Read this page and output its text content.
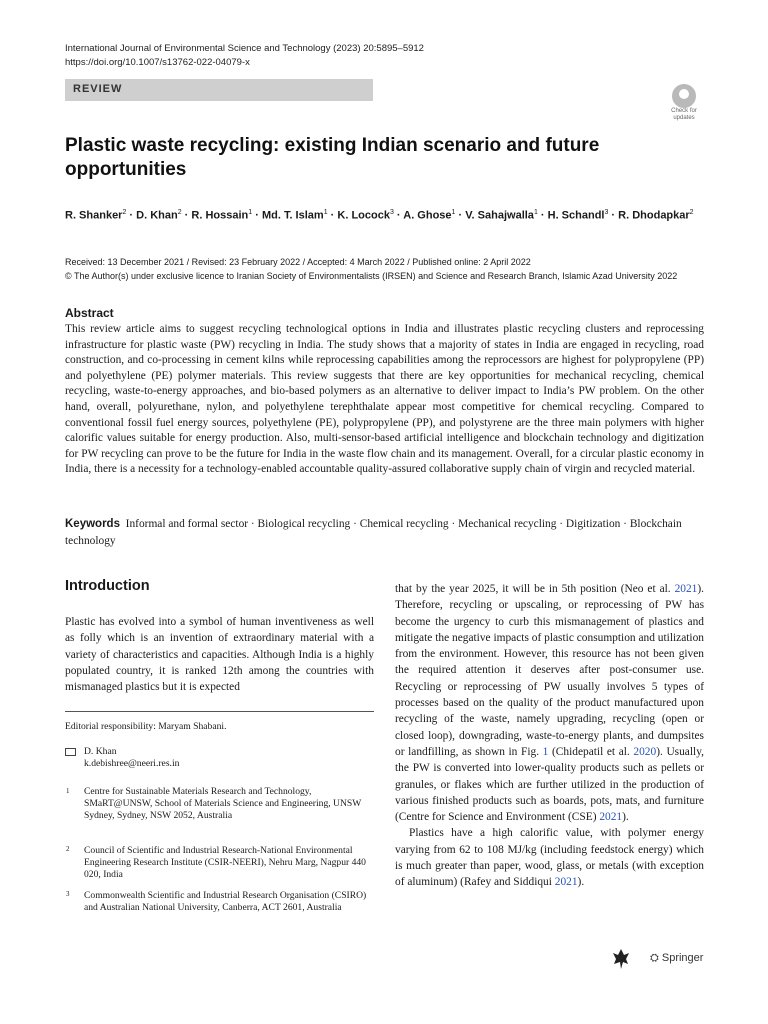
International Journal of Environmental Science and Technology (2023) 20:5895–5912
https://doi.org/10.1007/s13762-022-04079-x
REVIEW
Check for
updates
Plastic waste recycling: existing Indian scenario and future opportunities
R. Shanker$^2$ · D. Khan$^2$ · R. Hossain$^1$ · Md. T. Islam$^1$ · K. Locock$^3$ · A. Ghose$^1$ · V. Sahajwalla$^1$ · H. Schandl$^3$ · R. Dhodapkar$^2$
Received: 13 December 2021 / Revised: 23 February 2022 / Accepted: 4 March 2022 / Published online: 2 April 2022
© The Author(s) under exclusive licence to Iranian Society of Environmentalists (IRSEN) and Science and Research Branch, Islamic Azad University 2022
Abstract
This review article aims to suggest recycling technological options in India and illustrates plastic recycling clusters and reprocessing infrastructure for plastic waste (PW) recycling in India. The study shows that a majority of states in India are engaged in recycling, road construction, and co-processing in cement kilns while reprocessing capabilities among the reprocessors are highest for polypropylene (PP) and polyethylene (PE) polymer materials. This review suggests that there are key opportunities for mechanical recycling, chemical recycling, waste-to-energy approaches, and bio-based polymers as an alternative to deliver impact to India’s PW problem. On the other hand, overall, polyurethane, nylon, and polyethylene terephthalate appear most competitive for chemical recycling. Compared to conventional fossil fuel energy sources, polyethylene (PE), polypropylene (PP), and polystyrene are the three main polymers with higher calorific values suitable for energy production. Also, multi-sensor-based artificial intelligence and blockchain technology and digitization for PW recycling can prove to be the future for India in the waste flow chain and its management. Overall, for a circular plastic economy in India, there is a necessity for a technology-enabled accountable quality-assured collaborative supply chain of virgin and recycled material.
Keywords Informal and formal sector · Biological recycling · Chemical recycling · Mechanical recycling · Digitization · Blockchain technology
Introduction
Plastic has evolved into a symbol of human inventiveness as well as folly which is an invention of extraordinary material with a variety of characteristics and capacities. Although India is a highly populated country, it is ranked 12th among the countries with mismanaged plastics but it is expected

that by the year 2025, it will be in 5th position (Neo et al. 2021). Therefore, recycling or upscaling, or reprocessing of PW has become the urgency to curb this mismanagement of plastics and mitigate the negative impacts of plastic consumption and utilization from the environment. However, this resource has not been given the required attention it deserves after post-consumer use. Recycling or reprocessing of PW usually involves 5 types of processes based on the quality of the product manufactured upon recycling of the waste, namely upgrading, recycling (open or closed loop), downgrading, waste-to-energy plants, and dumpsites or landfilling, as shown in Fig. 1 (Chidepatil et al. 2020). Usually, the PW is converted into lower-quality products such as pellets or granules, or flakes which are further utilized in the production of various finished products such as boards, pots, mats, and furniture (Centre for Science and Environment (CSE) 2021).

Plastics have a high calorific value, with polymer energy varying from 62 to 108 MJ/kg (including feedstock energy) which is much greater than paper, wood, glass, or metals (with exception of aluminum) (Rafey and Siddiqui 2021).

Editorial responsibility: Maryam Shabani.
D. Khan
k.debishree@neeri.res.in
1 Centre for Sustainable Materials Research and Technology, SMaRT@UNSW, School of Materials Science and Engineering, UNSW Sydney, Sydney, NSW 2052, Australia
2 Council of Scientific and Industrial Research-National Environmental Engineering Research Institute (CSIR-NEERI), Nehru Marg, Nagpur 440 020, India
3 Commonwealth Scientific and Industrial Research Organisation (CSIRO) and Australian National University, Canberra, ACT 2601, Australia
⛭ Springer
